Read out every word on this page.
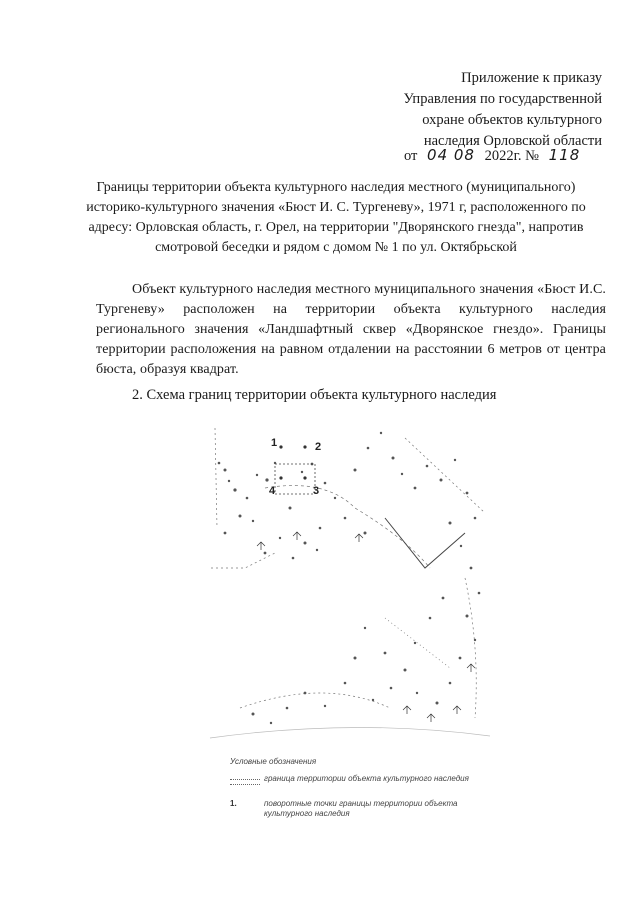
Приложение к приказу
Управления по государственной
охране объектов культурного
наследия Орловской области
от 04 08 2022г. № 118
Границы территории объекта культурного наследия местного (муниципального) историко-культурного значения «Бюст И. С. Тургеневу», 1971 г, расположенного по адресу: Орловская область, г. Орел, на территории "Дворянского гнезда", напротив смотровой беседки и рядом с домом № 1 по ул. Октябрьской
Объект культурного наследия местного муниципального значения «Бюст И.С. Тургеневу» расположен на территории объекта культурного наследия регионального значения «Ландшафтный сквер «Дворянское гнездо». Границы территории расположения на равном отдалении на расстоянии 6 метров от центра бюста, образуя квадрат.
2. Схема границ территории объекта культурного наследия
1	2
3
4
Условные обозначения
граница территории объекта культурного наследия
1.	поворотные точки границы территории объекта культурного наследия
